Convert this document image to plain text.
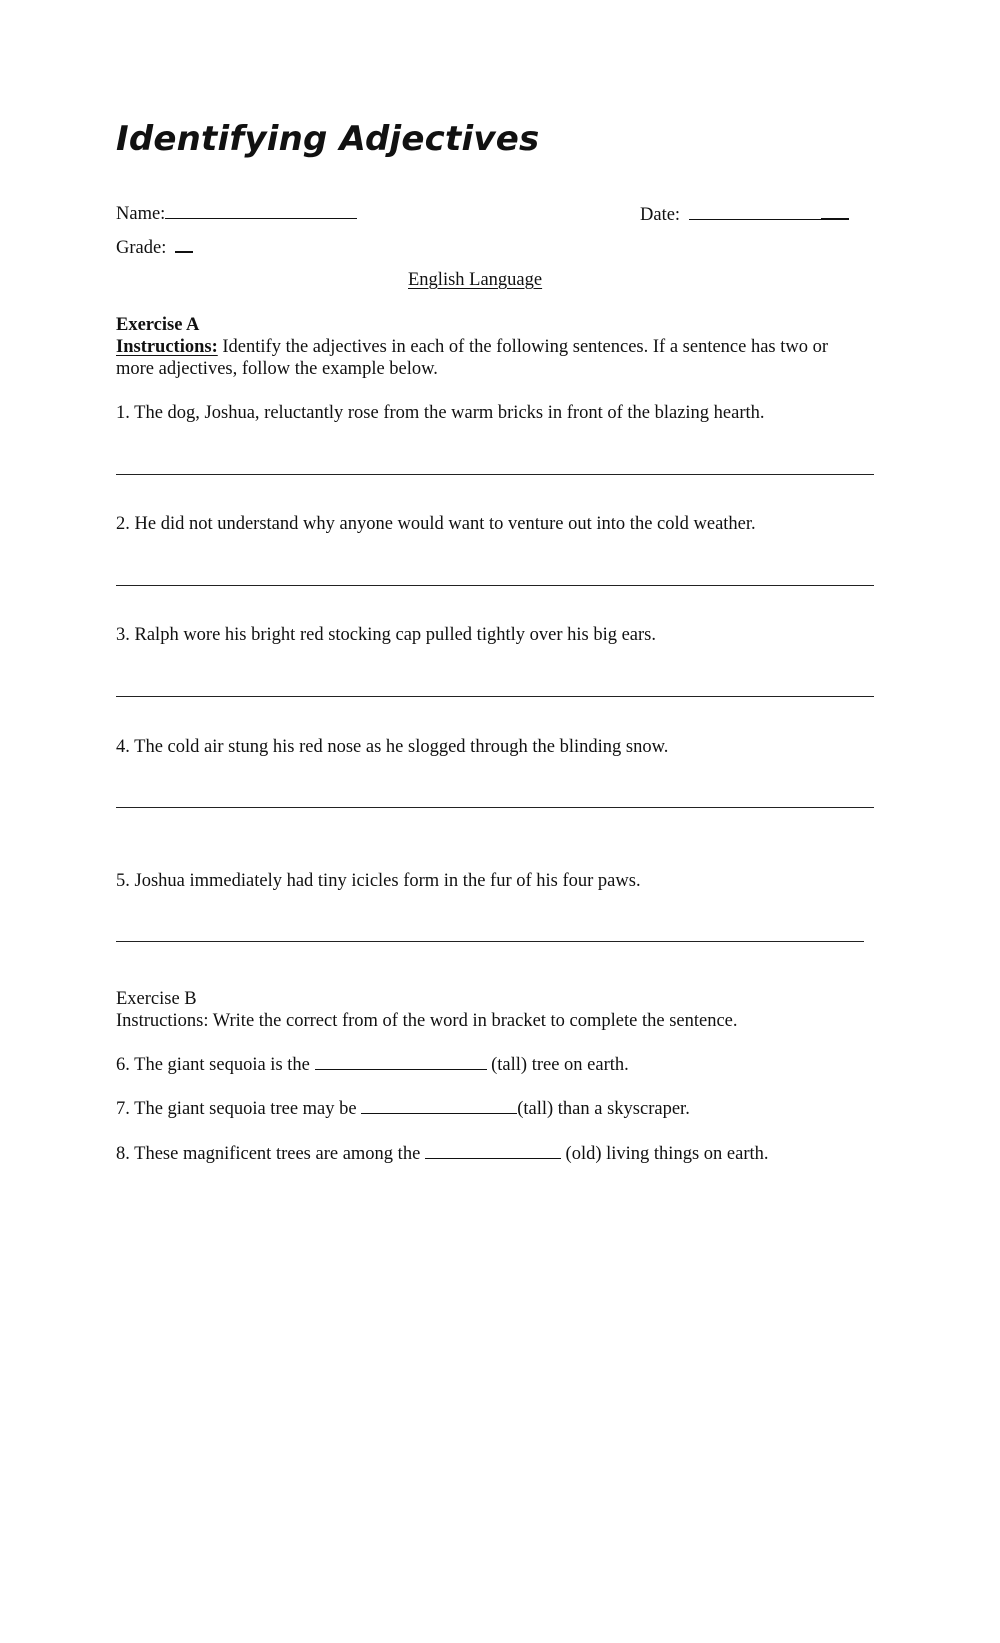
Identifying Adjectives
Name:	Date:
Grade:
English Language
Exercise A
Instructions: Identify the adjectives in each of the following sentences. If a sentence has two or
more adjectives, follow the example below.
1. The dog, Joshua, reluctantly rose from the warm bricks in front of the blazing hearth.
2. He did not understand why anyone would want to venture out into the cold weather.
3. Ralph wore his bright red stocking cap pulled tightly over his big ears.
4. The cold air stung his red nose as he slogged through the blinding snow.
5. Joshua immediately had tiny icicles form in the fur of his four paws.
Exercise B
Instructions: Write the correct from of the word in bracket to complete the sentence.
6. The giant sequoia is the	(tall) tree on earth.
7. The giant sequoia tree may be	(tall) than a skyscraper.
8. These magnificent trees are among the	(old) living things on earth.
